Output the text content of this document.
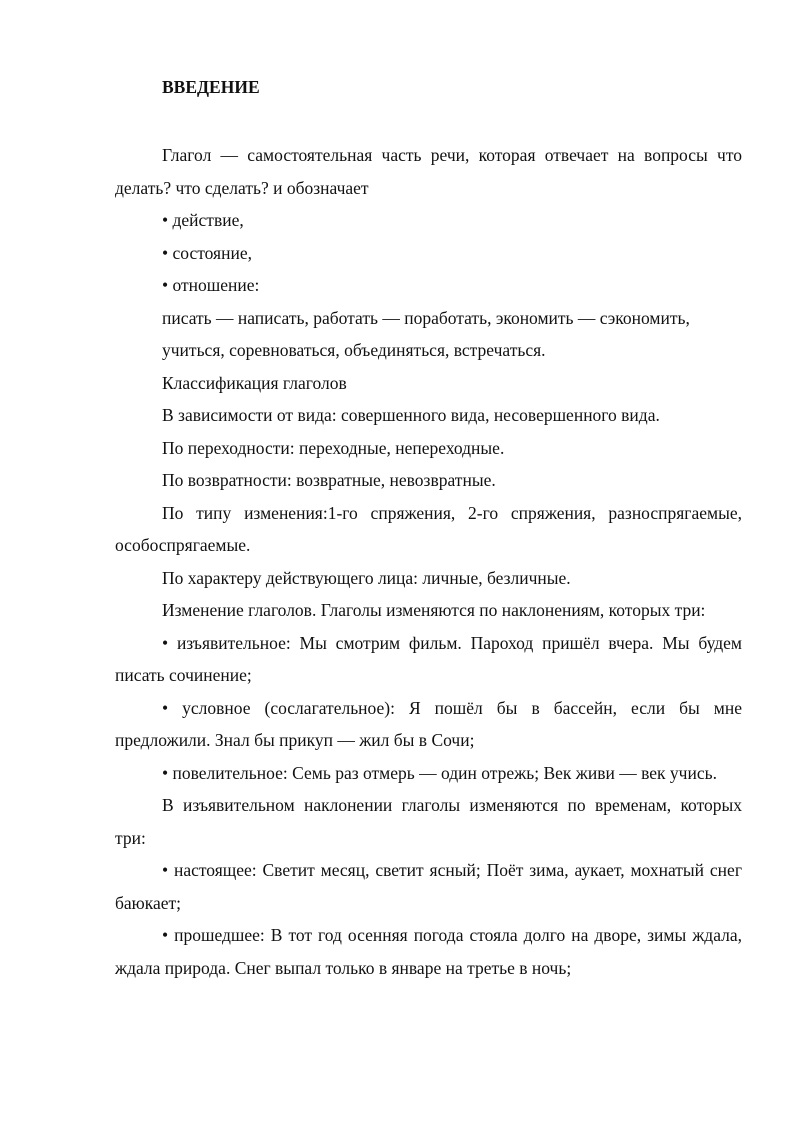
ВВЕДЕНИЕ

Глагол — самостоятельная часть речи, которая отвечает на вопросы что делать? что сделать? и обозначает

• действие,

• состояние,

• отношение:

писать — написать, работать — поработать, экономить — сэкономить,

учиться, соревноваться, объединяться, встречаться.

Классификация глаголов

В зависимости от вида: совершенного вида, несовершенного вида.

По переходности: переходные, непереходные.

По возвратности: возвратные, невозвратные.

По типу изменения:1-го спряжения, 2-го спряжения, разноспрягаемые, особоспрягаемые.

По характеру действующего лица: личные, безличные.

Изменение глаголов. Глаголы изменяются по наклонениям, которых три:

• изъявительное: Мы смотрим фильм. Пароход пришёл вчера. Мы будем писать сочинение;

• условное (сослагательное): Я пошёл бы в бассейн, если бы мне предложили. Знал бы прикуп — жил бы в Сочи;

• повелительное: Семь раз отмерь — один отрежь; Век живи — век учись.

В изъявительном наклонении глаголы изменяются по временам, которых три:

• настоящее: Светит месяц, светит ясный; Поёт зима, аукает, мохнатый снег баюкает;

• прошедшее: В тот год осенняя погода стояла долго на дворе, зимы ждала, ждала природа. Снег выпал только в январе на третье в ночь;
